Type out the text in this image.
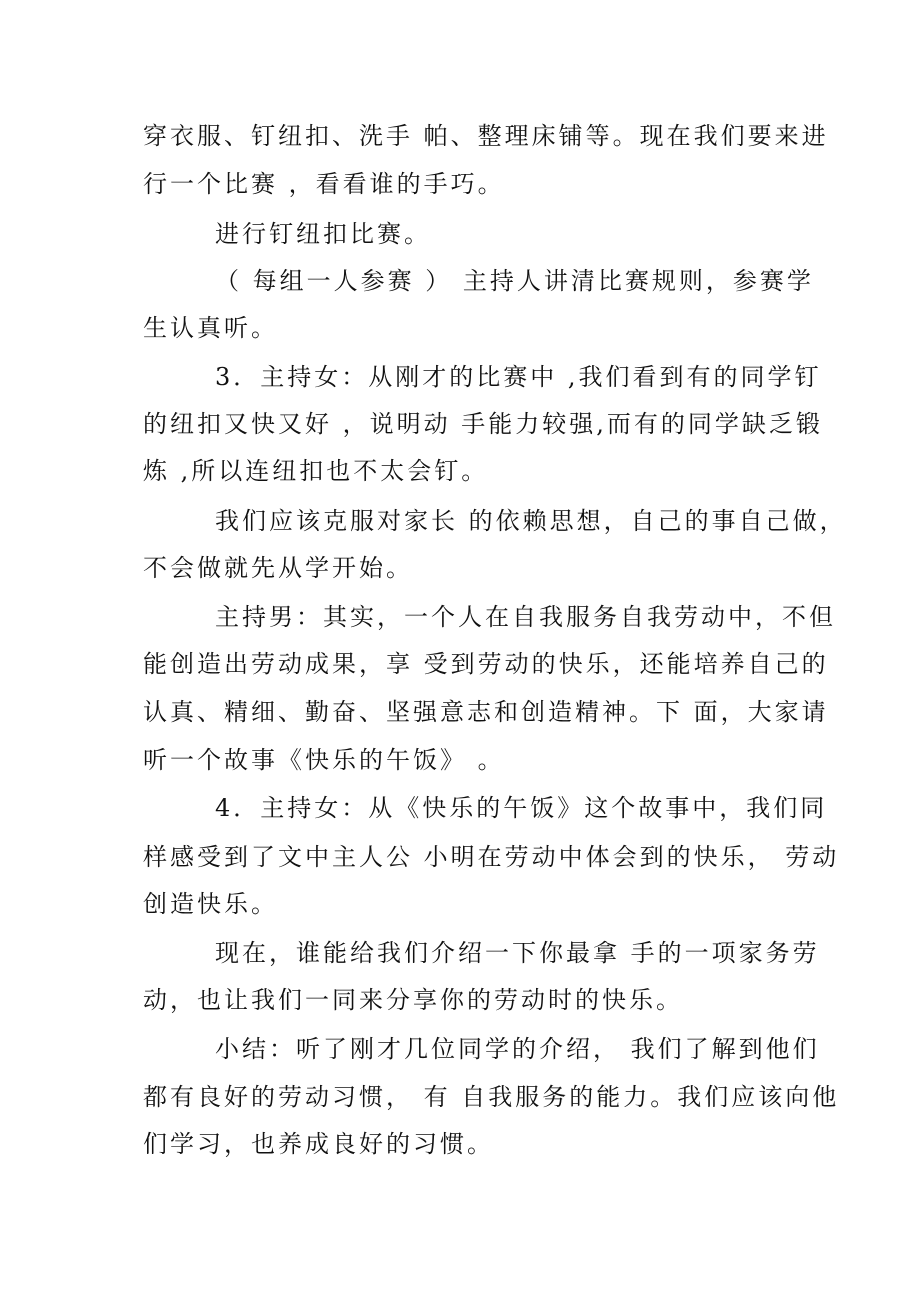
穿衣服、钉纽扣、洗手 帕、整理床铺等。现在我们要来进
行一个比赛 ，看看谁的手巧。
进行钉纽扣比赛。
（ 每组一人参赛 ） 主持人讲清比赛规则，参赛学
生认真听。
3．主持女：从刚才的比赛中 ,我们看到有的同学钉
的纽扣又快又好 ，说明动 手能力较强,而有的同学缺乏锻
炼 ,所以连纽扣也不太会钉。
我们应该克服对家长 的依赖思想，自己的事自己做，
不会做就先从学开始。
主持男：其实，一个人在自我服务自我劳动中，不但
能创造出劳动成果，享 受到劳动的快乐，还能培养自己的
认真、精细、勤奋、坚强意志和创造精神。下 面，大家请
听一个故事《快乐的午饭》 。
4．主持女：从《快乐的午饭》这个故事中，我们同
样感受到了文中主人公 小明在劳动中体会到的快乐， 劳动
创造快乐。
现在，谁能给我们介绍一下你最拿 手的一项家务劳
动，也让我们一同来分享你的劳动时的快乐。
小结：听了刚才几位同学的介绍， 我们了解到他们
都有良好的劳动习惯， 有 自我服务的能力。我们应该向他
们学习，也养成良好的习惯。
